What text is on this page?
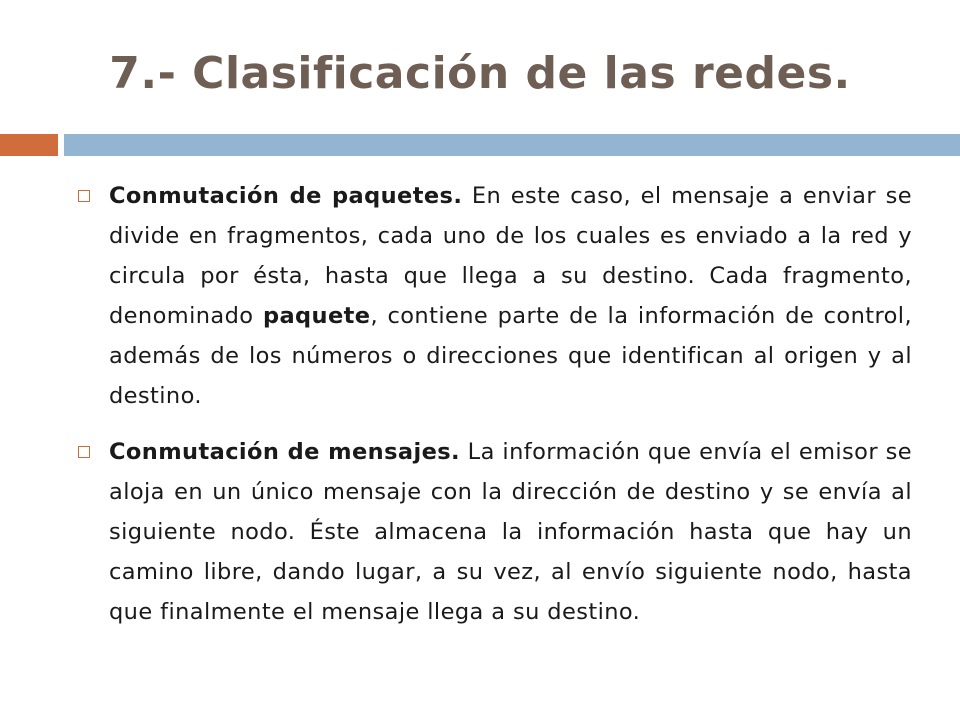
7.- Clasificación de las redes.
Conmutación de paquetes. En este caso, el mensaje a enviar se divide en fragmentos, cada uno de los cuales es enviado a la red y circula por ésta, hasta que llega a su destino. Cada fragmento, denominado paquete, contiene parte de la información de control, además de los números o direcciones que identifican al origen y al destino.
Conmutación de mensajes. La información que envía el emisor se aloja en un único mensaje con la dirección de destino y se envía al siguiente nodo. Éste almacena la información hasta que hay un camino libre, dando lugar, a su vez, al envío siguiente nodo, hasta que finalmente el mensaje llega a su destino.
